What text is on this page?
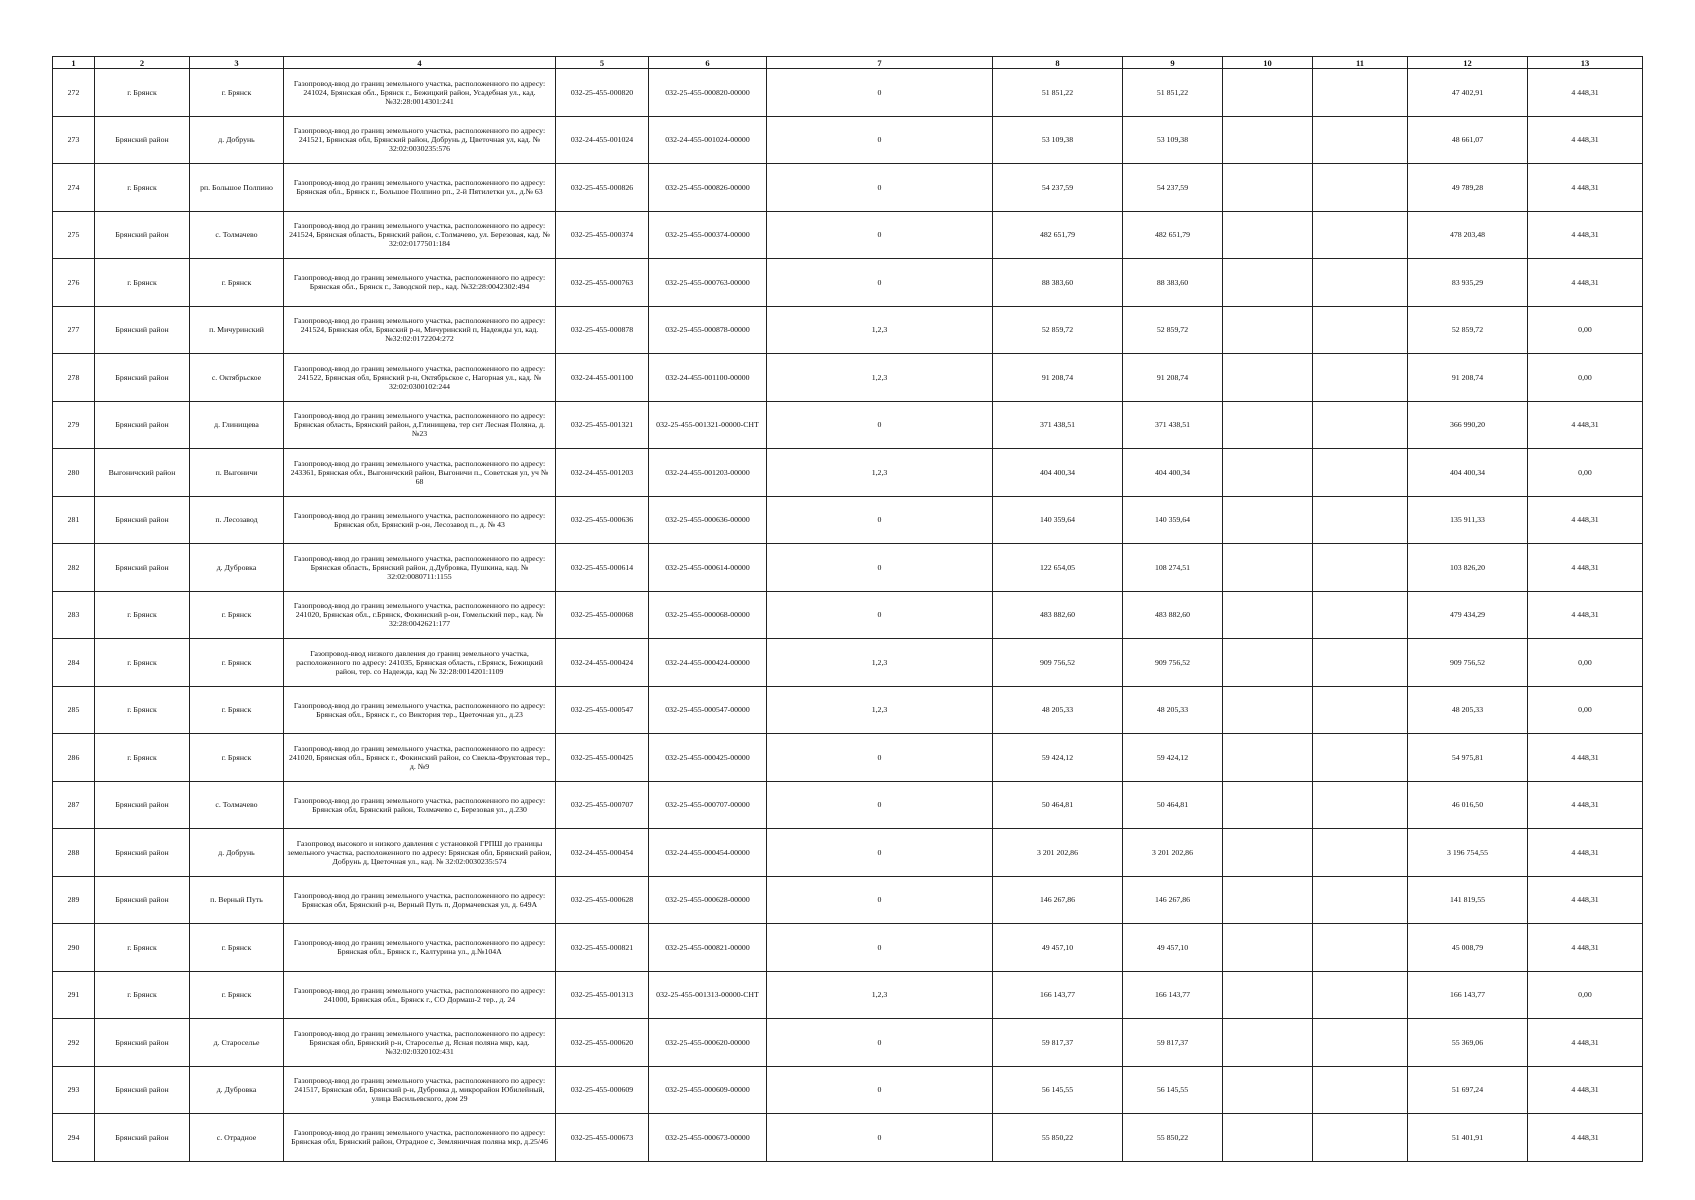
1	2	3	4	5	6	7	8	9	10	11	12	13
272	г. Брянск	г. Брянск	Газопровод-ввод до границ земельного участка, расположенного по адресу: 241024, Брянская обл., Брянск г., Бежицкий район, Усадебная ул., кад. №32:28:0014301:241	032-25-455-000820	032-25-455-000820-00000	0	51 851,22	51 851,22			47 402,91	4 448,31
273	Брянский район	д. Добрунь	Газопровод-ввод до границ земельного участка, расположенного по адресу: 241521, Брянская обл, Брянский район, Добрунь д, Цветочная ул, кад. № 32:02:0030235:576	032-24-455-001024	032-24-455-001024-00000	0	53 109,38	53 109,38			48 661,07	4 448,31
274	г. Брянск	рп. Большое Полпино	Газопровод-ввод до границ земельного участка, расположенного по адресу: Брянская обл., Брянск г., Большое Полпино рп., 2-й Пятилетки ул., д.№ 63	032-25-455-000826	032-25-455-000826-00000	0	54 237,59	54 237,59			49 789,28	4 448,31
275	Брянский район	с. Толмачево	Газопровод-ввод до границ земельного участка, расположенного по адресу: 241524, Брянская область, Брянский район, с.Толмачево, ул. Березовая, кад. № 32:02:0177501:184	032-25-455-000374	032-25-455-000374-00000	0	482 651,79	482 651,79			478 203,48	4 448,31
276	г. Брянск	г. Брянск	Газопровод-ввод до границ земельного участка, расположенного по адресу: Брянская обл., Брянск г., Заводской пер., кад. №32:28:0042302:494	032-25-455-000763	032-25-455-000763-00000	0	88 383,60	88 383,60			83 935,29	4 448,31
277	Брянский район	п. Мичуринский	Газопровод-ввод до границ земельного участка, расположенного по адресу: 241524, Брянская обл, Брянский р-н, Мичуринский п, Надежды ул, кад. №32:02:0172204:272	032-25-455-000878	032-25-455-000878-00000	1,2,3	52 859,72	52 859,72			52 859,72	0,00
278	Брянский район	с. Октябрьское	Газопровод-ввод до границ земельного участка, расположенного по адресу: 241522, Брянская обл, Брянский р-н, Октябрьское с, Нагорная ул., кад. № 32:02:0300102:244	032-24-455-001100	032-24-455-001100-00000	1,2,3	91 208,74	91 208,74			91 208,74	0,00
279	Брянский район	д. Глинищева	Газопровод-ввод до границ земельного участка, расположенного по адресу: Брянская область, Брянский район, д.Глинищева, тер снт Лесная Поляна, д. №23	032-25-455-001321	032-25-455-001321-00000-СНТ	0	371 438,51	371 438,51			366 990,20	4 448,31
280	Выгоничский район	п. Выгоничи	Газопровод-ввод до границ земельного участка, расположенного по адресу: 243361, Брянская обл., Выгоничский район, Выгоничи п., Советская ул, уч № 68	032-24-455-001203	032-24-455-001203-00000	1,2,3	404 400,34	404 400,34			404 400,34	0,00
281	Брянский район	п. Лесозавод	Газопровод-ввод до границ земельного участка, расположенного по адресу: Брянская обл, Брянский р-он, Лесозавод п., д. № 43	032-25-455-000636	032-25-455-000636-00000	0	140 359,64	140 359,64			135 911,33	4 448,31
282	Брянский район	д. Дубровка	Газопровод-ввод до границ земельного участка, расположенного по адресу: Брянская область, Брянский район, д.Дубровка, Пушкина, кад. № 32:02:0080711:1155	032-25-455-000614	032-25-455-000614-00000	0	122 654,05	108 274,51			103 826,20	4 448,31
283	г. Брянск	г. Брянск	Газопровод-ввод до границ земельного участка, расположенного по адресу: 241020, Брянская обл., г.Брянск, Фокинский р-он, Гомельский пер., кад. № 32:28:0042621:177	032-25-455-000068	032-25-455-000068-00000	0	483 882,60	483 882,60			479 434,29	4 448,31
284	г. Брянск	г. Брянск	Газопровод-ввод низкого давления до границ земельного участка, расположенного по адресу: 241035, Брянская область, г.Брянск, Бежицкий район, тер. со Надежда, кад № 32:28:0014201:1109	032-24-455-000424	032-24-455-000424-00000	1,2,3	909 756,52	909 756,52			909 756,52	0,00
285	г. Брянск	г. Брянск	Газопровод-ввод до границ земельного участка, расположенного по адресу: Брянская обл., Брянск г., со Виктория тер., Цветочная ул., д.23	032-25-455-000547	032-25-455-000547-00000	1,2,3	48 205,33	48 205,33			48 205,33	0,00
286	г. Брянск	г. Брянск	Газопровод-ввод до границ земельного участка, расположенного по адресу: 241020, Брянская обл., Брянск г., Фокинский район, со Свекла-Фруктовая тер., д. №9	032-25-455-000425	032-25-455-000425-00000	0	59 424,12	59 424,12			54 975,81	4 448,31
287	Брянский район	с. Толмачево	Газопровод-ввод до границ земельного участка, расположенного по адресу: Брянская обл, Брянский район, Толмачево с, Березовая ул., д.230	032-25-455-000707	032-25-455-000707-00000	0	50 464,81	50 464,81			46 016,50	4 448,31
288	Брянский район	д. Добрунь	Газопровод высокого и низкого давления с установкой ГРПШ до границы земельного участка, расположенного по адресу: Брянская обл, Брянский район, Добрунь д, Цветочная ул., кад. № 32:02:0030235:574	032-24-455-000454	032-24-455-000454-00000	0	3 201 202,86	3 201 202,86			3 196 754,55	4 448,31
289	Брянский район	п. Верный Путь	Газопровод-ввод до границ земельного участка, расположенного по адресу: Брянская обл, Брянский р-н, Верный Путь п, Дормачевская ул, д. 649А	032-25-455-000628	032-25-455-000628-00000	0	146 267,86	146 267,86			141 819,55	4 448,31
290	г. Брянск	г. Брянск	Газопровод-ввод до границ земельного участка, расположенного по адресу: Брянская обл., Брянск г., Калтурина ул., д.№104А	032-25-455-000821	032-25-455-000821-00000	0	49 457,10	49 457,10			45 008,79	4 448,31
291	г. Брянск	г. Брянск	Газопровод-ввод до границ земельного участка, расположенного по адресу: 241000, Брянская обл., Брянск г., СО Дормаш-2 тер., д. 24	032-25-455-001313	032-25-455-001313-00000-СНТ	1,2,3	166 143,77	166 143,77			166 143,77	0,00
292	Брянский район	д. Староселье	Газопровод-ввод до границ земельного участка, расположенного по адресу: Брянская обл, Брянский р-н, Староселье д, Ясная поляна мкр, кад. №32:02:0320102:431	032-25-455-000620	032-25-455-000620-00000	0	59 817,37	59 817,37			55 369,06	4 448,31
293	Брянский район	д. Дубровка	Газопровод-ввод до границ земельного участка, расположенного по адресу: 241517, Брянская обл, Брянский р-н, Дубровка д, микрорайон Юбилейный, улица Васильевского, дом 29	032-25-455-000609	032-25-455-000609-00000	0	56 145,55	56 145,55			51 697,24	4 448,31
294	Брянский район	с. Отрадное	Газопровод-ввод до границ земельного участка, расположенного по адресу: Брянская обл, Брянский район, Отрадное с, Земляничная поляна мкр, д.25/46	032-25-455-000673	032-25-455-000673-00000	0	55 850,22	55 850,22			51 401,91	4 448,31
